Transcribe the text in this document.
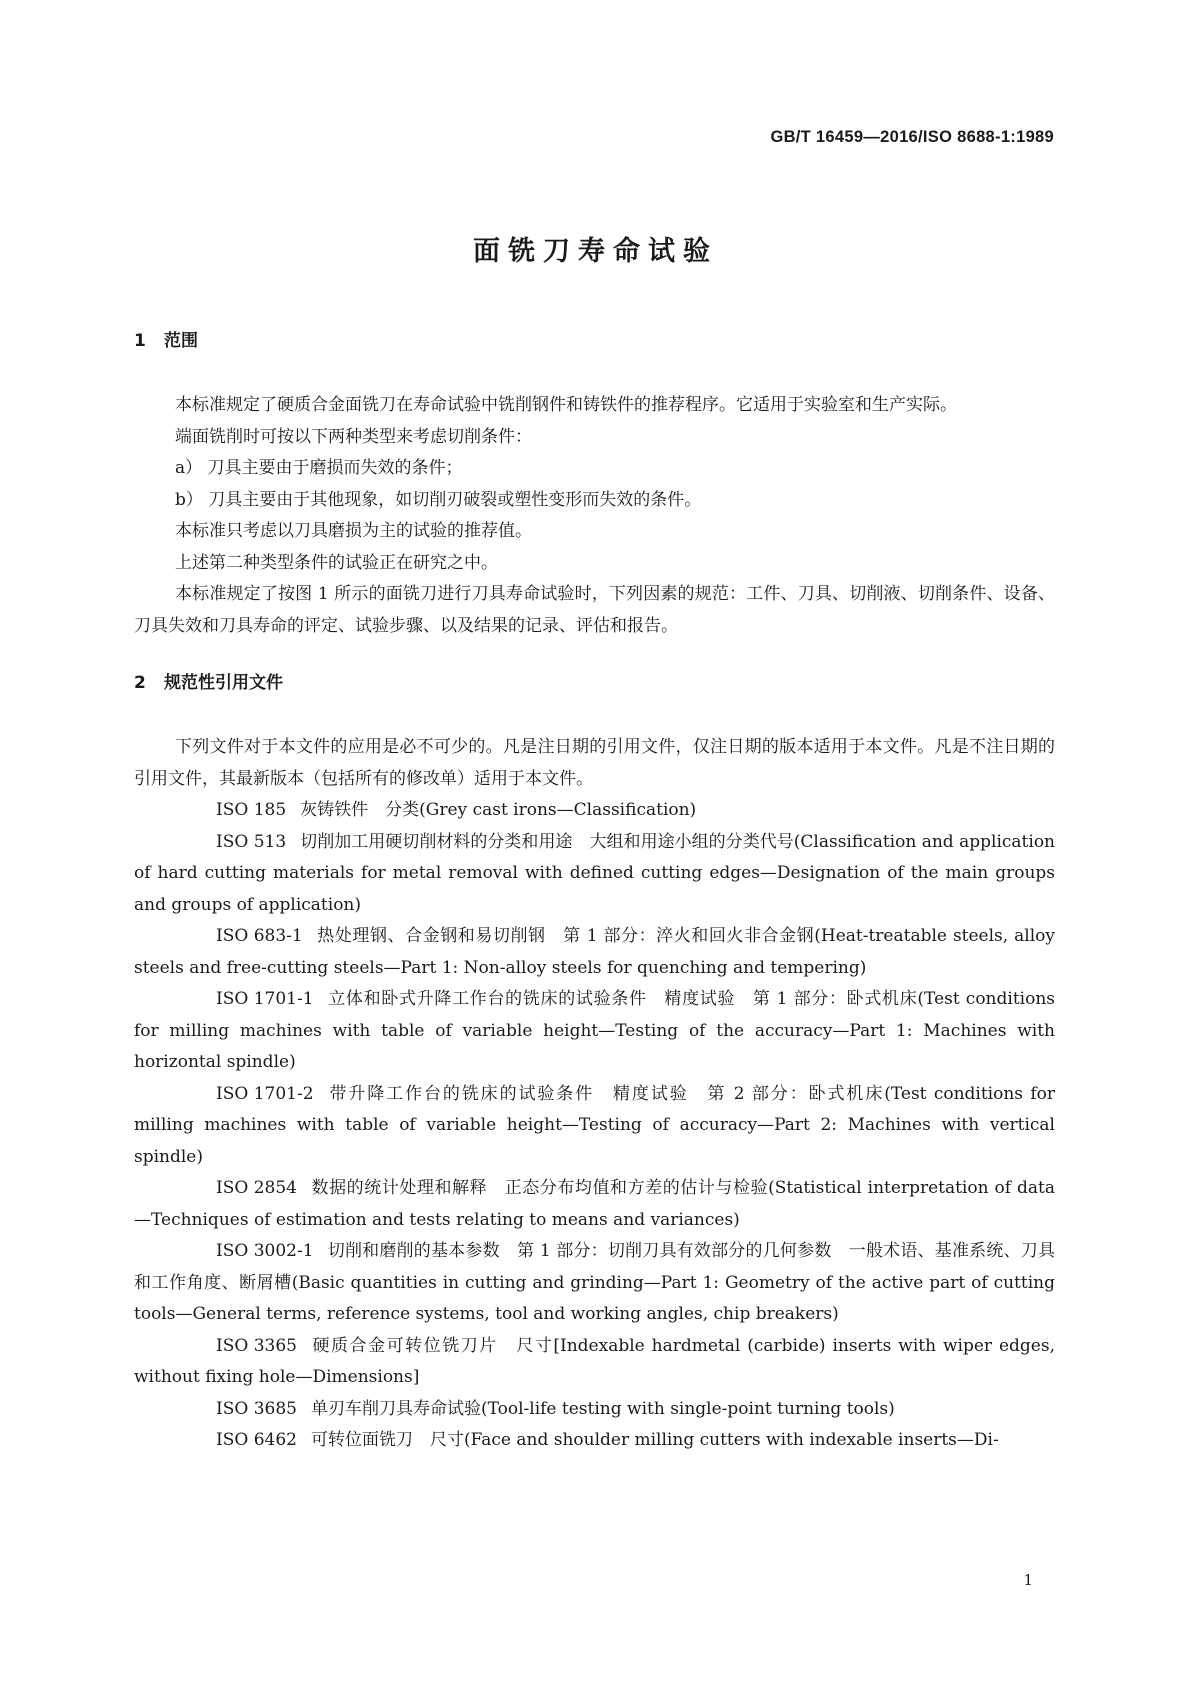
GB/T 16459—2016/ISO 8688-1:1989

面铣刀寿命试验
1 范围

本标准规定了硬质合金面铣刀在寿命试验中铣削钢件和铸铁件的推荐程序。它适用于实验室和生产实际。

端面铣削时可按以下两种类型来考虑切削条件：

a） 刀具主要由于磨损而失效的条件；

b） 刀具主要由于其他现象，如切削刃破裂或塑性变形而失效的条件。

本标准只考虑以刀具磨损为主的试验的推荐值。

上述第二种类型条件的试验正在研究之中。

本标准规定了按图 1 所示的面铣刀进行刀具寿命试验时，下列因素的规范：工件、刀具、切削液、切削条件、设备、刀具失效和刀具寿命的评定、试验步骤、以及结果的记录、评估和报告。

2 规范性引用文件

下列文件对于本文件的应用是必不可少的。凡是注日期的引用文件，仅注日期的版本适用于本文件。凡是不注日期的引用文件，其最新版本（包括所有的修改单）适用于本文件。

ISO 185 灰铸铁件　分类(Grey cast irons—Classification)

ISO 513 切削加工用硬切削材料的分类和用途　大组和用途小组的分类代号(Classification and application of hard cutting materials for metal removal with defined cutting edges—Designation of the main groups and groups of application)

ISO 683-1 热处理钢、合金钢和易切削钢　第 1 部分：淬火和回火非合金钢(Heat-treatable steels, alloy steels and free-cutting steels—Part 1: Non-alloy steels for quenching and tempering)

ISO 1701-1 立体和卧式升降工作台的铣床的试验条件　精度试验　第 1 部分：卧式机床(Test conditions for milling machines with table of variable height—Testing of the accuracy—Part 1: Machines with horizontal spindle)

ISO 1701-2 带升降工作台的铣床的试验条件　精度试验　第 2 部分：卧式机床(Test conditions for milling machines with table of variable height—Testing of accuracy—Part 2: Machines with vertical spindle)

ISO 2854 数据的统计处理和解释　正态分布均值和方差的估计与检验(Statistical interpretation of data—Techniques of estimation and tests relating to means and variances)

ISO 3002-1 切削和磨削的基本参数　第 1 部分：切削刀具有效部分的几何参数　一般术语、基准系统、刀具和工作角度、断屑槽(Basic quantities in cutting and grinding—Part 1: Geometry of the active part of cutting tools—General terms, reference systems, tool and working angles, chip breakers)

ISO 3365 硬质合金可转位铣刀片　尺寸[Indexable hardmetal (carbide) inserts with wiper edges, without fixing hole—Dimensions]

ISO 3685 单刃车削刀具寿命试验(Tool-life testing with single-point turning tools)

ISO 6462 可转位面铣刀　尺寸(Face and shoulder milling cutters with indexable inserts—Di-

1
